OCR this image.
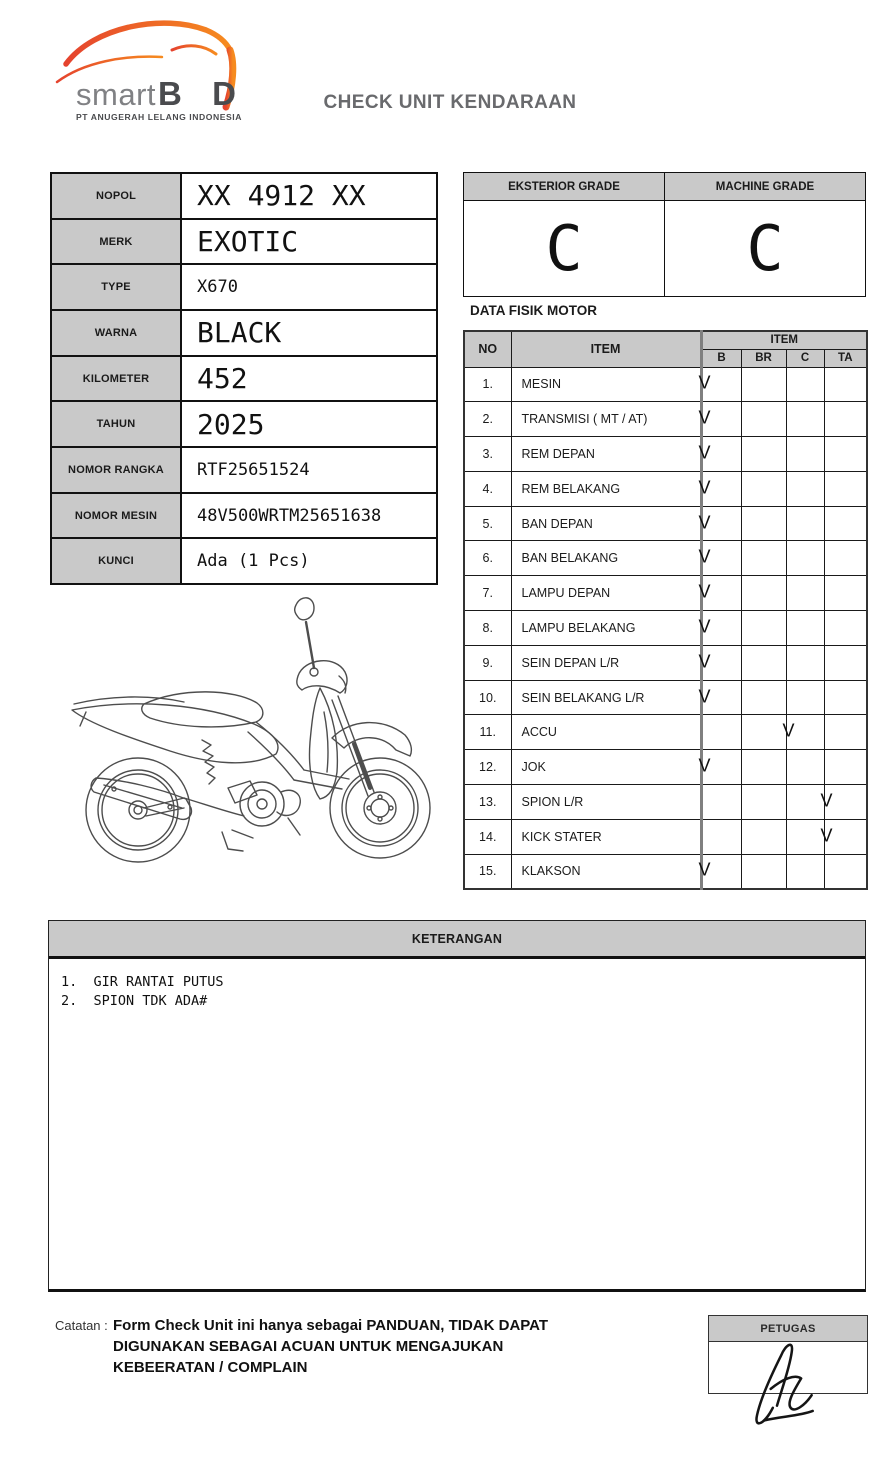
smart B D
PT ANUGERAH LELANG INDONESIA
CHECK UNIT KENDARAAN
NOPOL	XX 4912 XX
MERK	EXOTIC
TYPE	X670
WARNA	BLACK
KILOMETER	452
TAHUN	2025
NOMOR RANGKA	RTF25651524
NOMOR MESIN	48V500WRTM25651638
KUNCI	Ada (1 Pcs)
EKSTERIOR GRADE	MACHINE GRADE
C	C
DATA FISIK MOTOR
NO	ITEM	ITEM			
		B	BR	C	TA
1.	MESIN	V			

2.	TRANSMISI ( MT / AT)	V			

3.	REM DEPAN	V			

4.	REM BELAKANG	V			

5.	BAN DEPAN	V			

6.	BAN BELAKANG	V			

7.	LAMPU DEPAN	V			

8.	LAMPU BELAKANG	V			

9.	SEIN DEPAN L/R	V			

10.	SEIN BELAKANG L/R	V			

11.	ACCU			V	

12.	JOK	V			

13.	SPION L/R				V

14.	KICK STATER				V

15.	KLAKSON	V			

KETERANGAN
1.  GIR RANTAI PUTUS
2.  SPION TDK ADA#
Catatan : Form Check Unit ini hanya sebagai PANDUAN, TIDAK DAPAT DIGUNAKAN SEBAGAI ACUAN UNTUK MENGAJUKAN KEBEERATAN / COMPLAIN
PETUGAS
